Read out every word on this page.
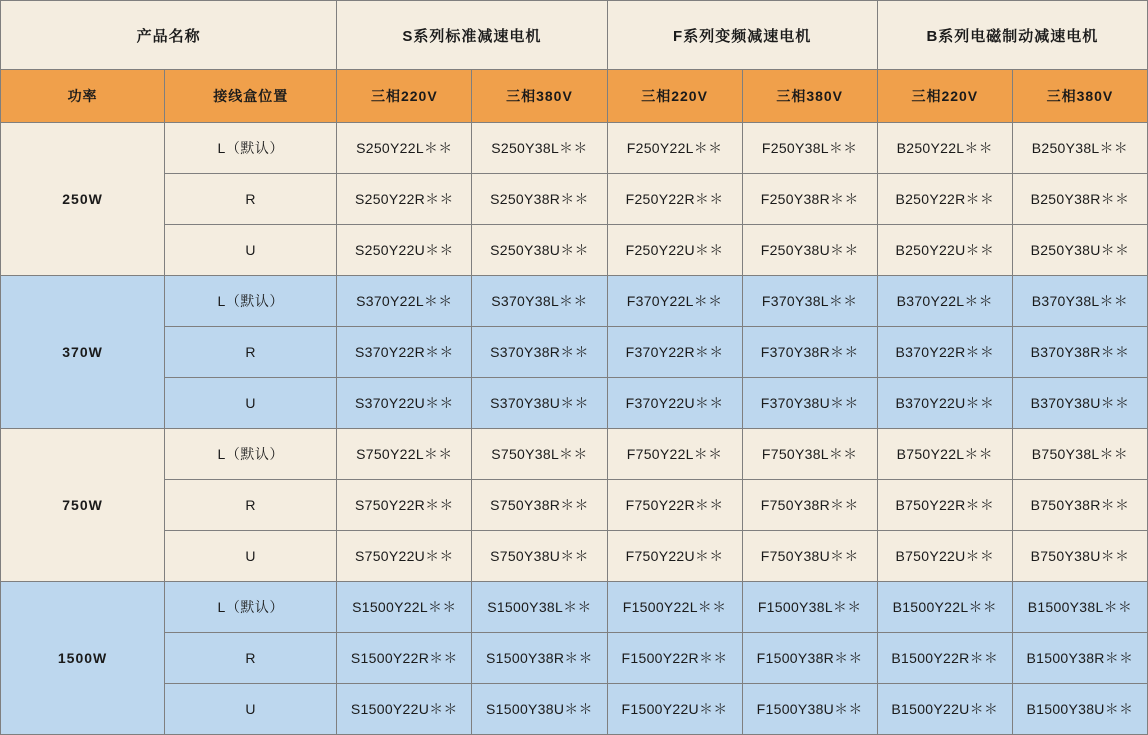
产品名称		S系列标准减速电机		F系列变频减速电机		B系列电磁制动减速电机	
功率	接线盒位置	三相220V	三相380V	三相220V	三相380V	三相220V	三相380V
250W	L（默认）	S250Y22L＊＊	S250Y38L＊＊	F250Y22L＊＊	F250Y38L＊＊	B250Y22L＊＊	B250Y38L＊＊
	R	S250Y22R＊＊	S250Y38R＊＊	F250Y22R＊＊	F250Y38R＊＊	B250Y22R＊＊	B250Y38R＊＊
	U	S250Y22U＊＊	S250Y38U＊＊	F250Y22U＊＊	F250Y38U＊＊	B250Y22U＊＊	B250Y38U＊＊
370W	L（默认）	S370Y22L＊＊	S370Y38L＊＊	F370Y22L＊＊	F370Y38L＊＊	B370Y22L＊＊	B370Y38L＊＊
	R	S370Y22R＊＊	S370Y38R＊＊	F370Y22R＊＊	F370Y38R＊＊	B370Y22R＊＊	B370Y38R＊＊
	U	S370Y22U＊＊	S370Y38U＊＊	F370Y22U＊＊	F370Y38U＊＊	B370Y22U＊＊	B370Y38U＊＊
750W	L（默认）	S750Y22L＊＊	S750Y38L＊＊	F750Y22L＊＊	F750Y38L＊＊	B750Y22L＊＊	B750Y38L＊＊
	R	S750Y22R＊＊	S750Y38R＊＊	F750Y22R＊＊	F750Y38R＊＊	B750Y22R＊＊	B750Y38R＊＊
	U	S750Y22U＊＊	S750Y38U＊＊	F750Y22U＊＊	F750Y38U＊＊	B750Y22U＊＊	B750Y38U＊＊
1500W	L（默认）	S1500Y22L＊＊	S1500Y38L＊＊	F1500Y22L＊＊	F1500Y38L＊＊	B1500Y22L＊＊	B1500Y38L＊＊
	R	S1500Y22R＊＊	S1500Y38R＊＊	F1500Y22R＊＊	F1500Y38R＊＊	B1500Y22R＊＊	B1500Y38R＊＊
	U	S1500Y22U＊＊	S1500Y38U＊＊	F1500Y22U＊＊	F1500Y38U＊＊	B1500Y22U＊＊	B1500Y38U＊＊
